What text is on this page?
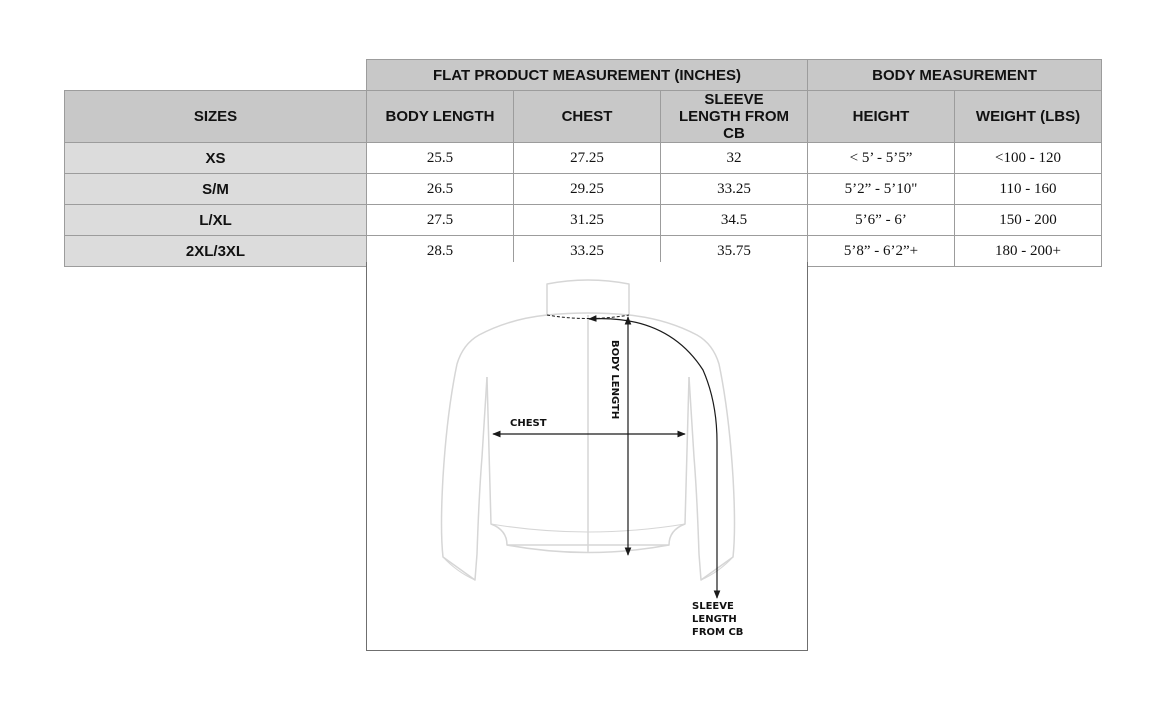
	FLAT PRODUCT MEASUREMENT (INCHES)			BODY MEASUREMENT	
SIZES	BODY LENGTH	CHEST	SLEEVE LENGTH FROM CB	HEIGHT	WEIGHT (LBS)
XS	25.5	27.25	32	< 5’ - 5’5”	<100 - 120
S/M	26.5	29.25	33.25	5’2” - 5’10"	110 - 160
L/XL	27.5	31.25	34.5	5’6” - 6’	150 - 200
2XL/3XL	28.5	33.25	35.75	5’8” - 6’2”+	180 - 200+
CHEST
BODY LENGTH
SLEEVE LENGTH FROM CB
